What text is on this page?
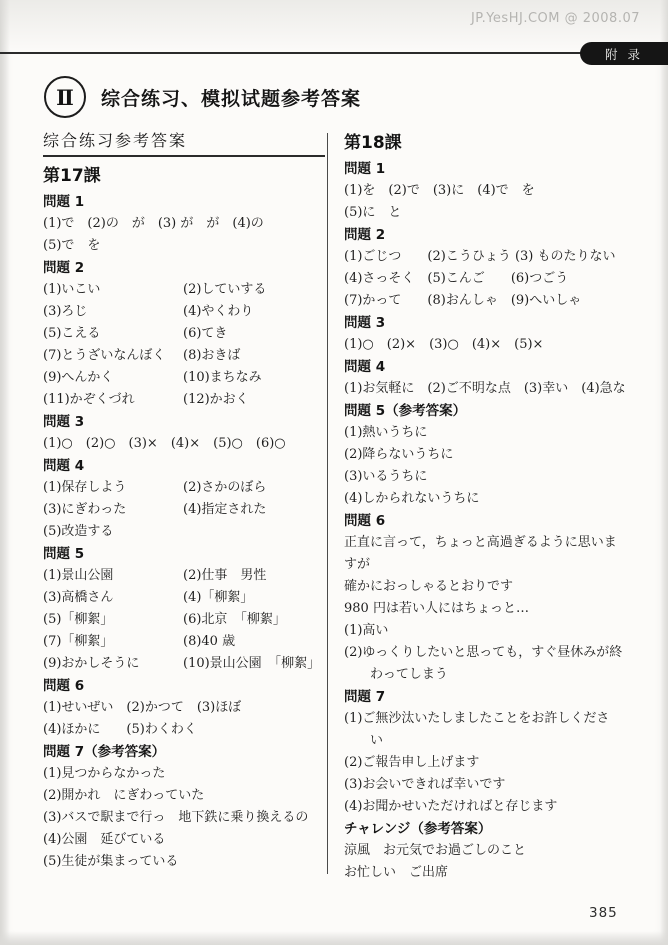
JP.YesHJ.COM @ 2008.07
附 录
Ⅱ	综合练习、模拟试题参考答案
综合练习参考答案
第17課
問題 1
(1)で　(2)の　が　(3) が　が　(4)の
(5)で　を
問題 2
(1)いこい	(2)していする
(3)ろじ	(4)やくわり
(5)こえる	(6)てき
(7)とうざいなんぼく	(8)おきば
(9)へんかく	(10)まちなみ
(11)かぞくづれ	(12)かおく
問題 3
(1)○　(2)○　(3)×　(4)×　(5)○　(6)○
問題 4
(1)保存しよう	(2)さかのぼら
(3)にぎわった	(4)指定された
(5)改造する
問題 5
(1)景山公園	(2)仕事　男性
(3)高橋さん	(4)「柳絮」
(5)「柳絮」	(6)北京　「柳絮」
(7)「柳絮」	(8)40 歳
(9)おかしそうに	(10)景山公園　「柳絮」
問題 6
(1)せいぜい　(2)かつて　(3)ほぼ
(4)ほかに　　(5)わくわく
問題 7（参考答案）
(1)見つからなかった
(2)開かれ　にぎわっていた
(3)バスで駅まで行っ　地下鉄に乗り換えるの
(4)公園　延びている
(5)生徒が集まっている
第18課
問題 1
(1)を　(2)で　(3)に　(4)で　を
(5)に　と
問題 2
(1)ごじつ　　(2)こうひょう (3) ものたりない
(4)さっそく　(5)こんご　　(6)つごう
(7)かって　　(8)おんしゃ　(9)へいしゃ
問題 3
(1)○　(2)×　(3)○　(4)×　(5)×
問題 4
(1)お気軽に　(2)ご不明な点　(3)幸い　(4)急な
問題 5（参考答案）
(1)熱いうちに
(2)降らないうちに
(3)いるうちに
(4)しかられないうちに
問題 6
正直に言って，ちょっと高過ぎるように思いま
すが
確かにおっしゃるとおりです
980 円は若い人にはちょっと…
(1)高い
(2)ゆっくりしたいと思っても，すぐ昼休みが終
わってしまう
問題 7
(1)ご無沙汰いたしましたことをお許しくださ
い
(2)ご報告申し上げます
(3)お会いできれば幸いです
(4)お聞かせいただければと存じます
チャレンジ（参考答案）
涼風　お元気でお過ごしのこと
お忙しい　ご出席
385
